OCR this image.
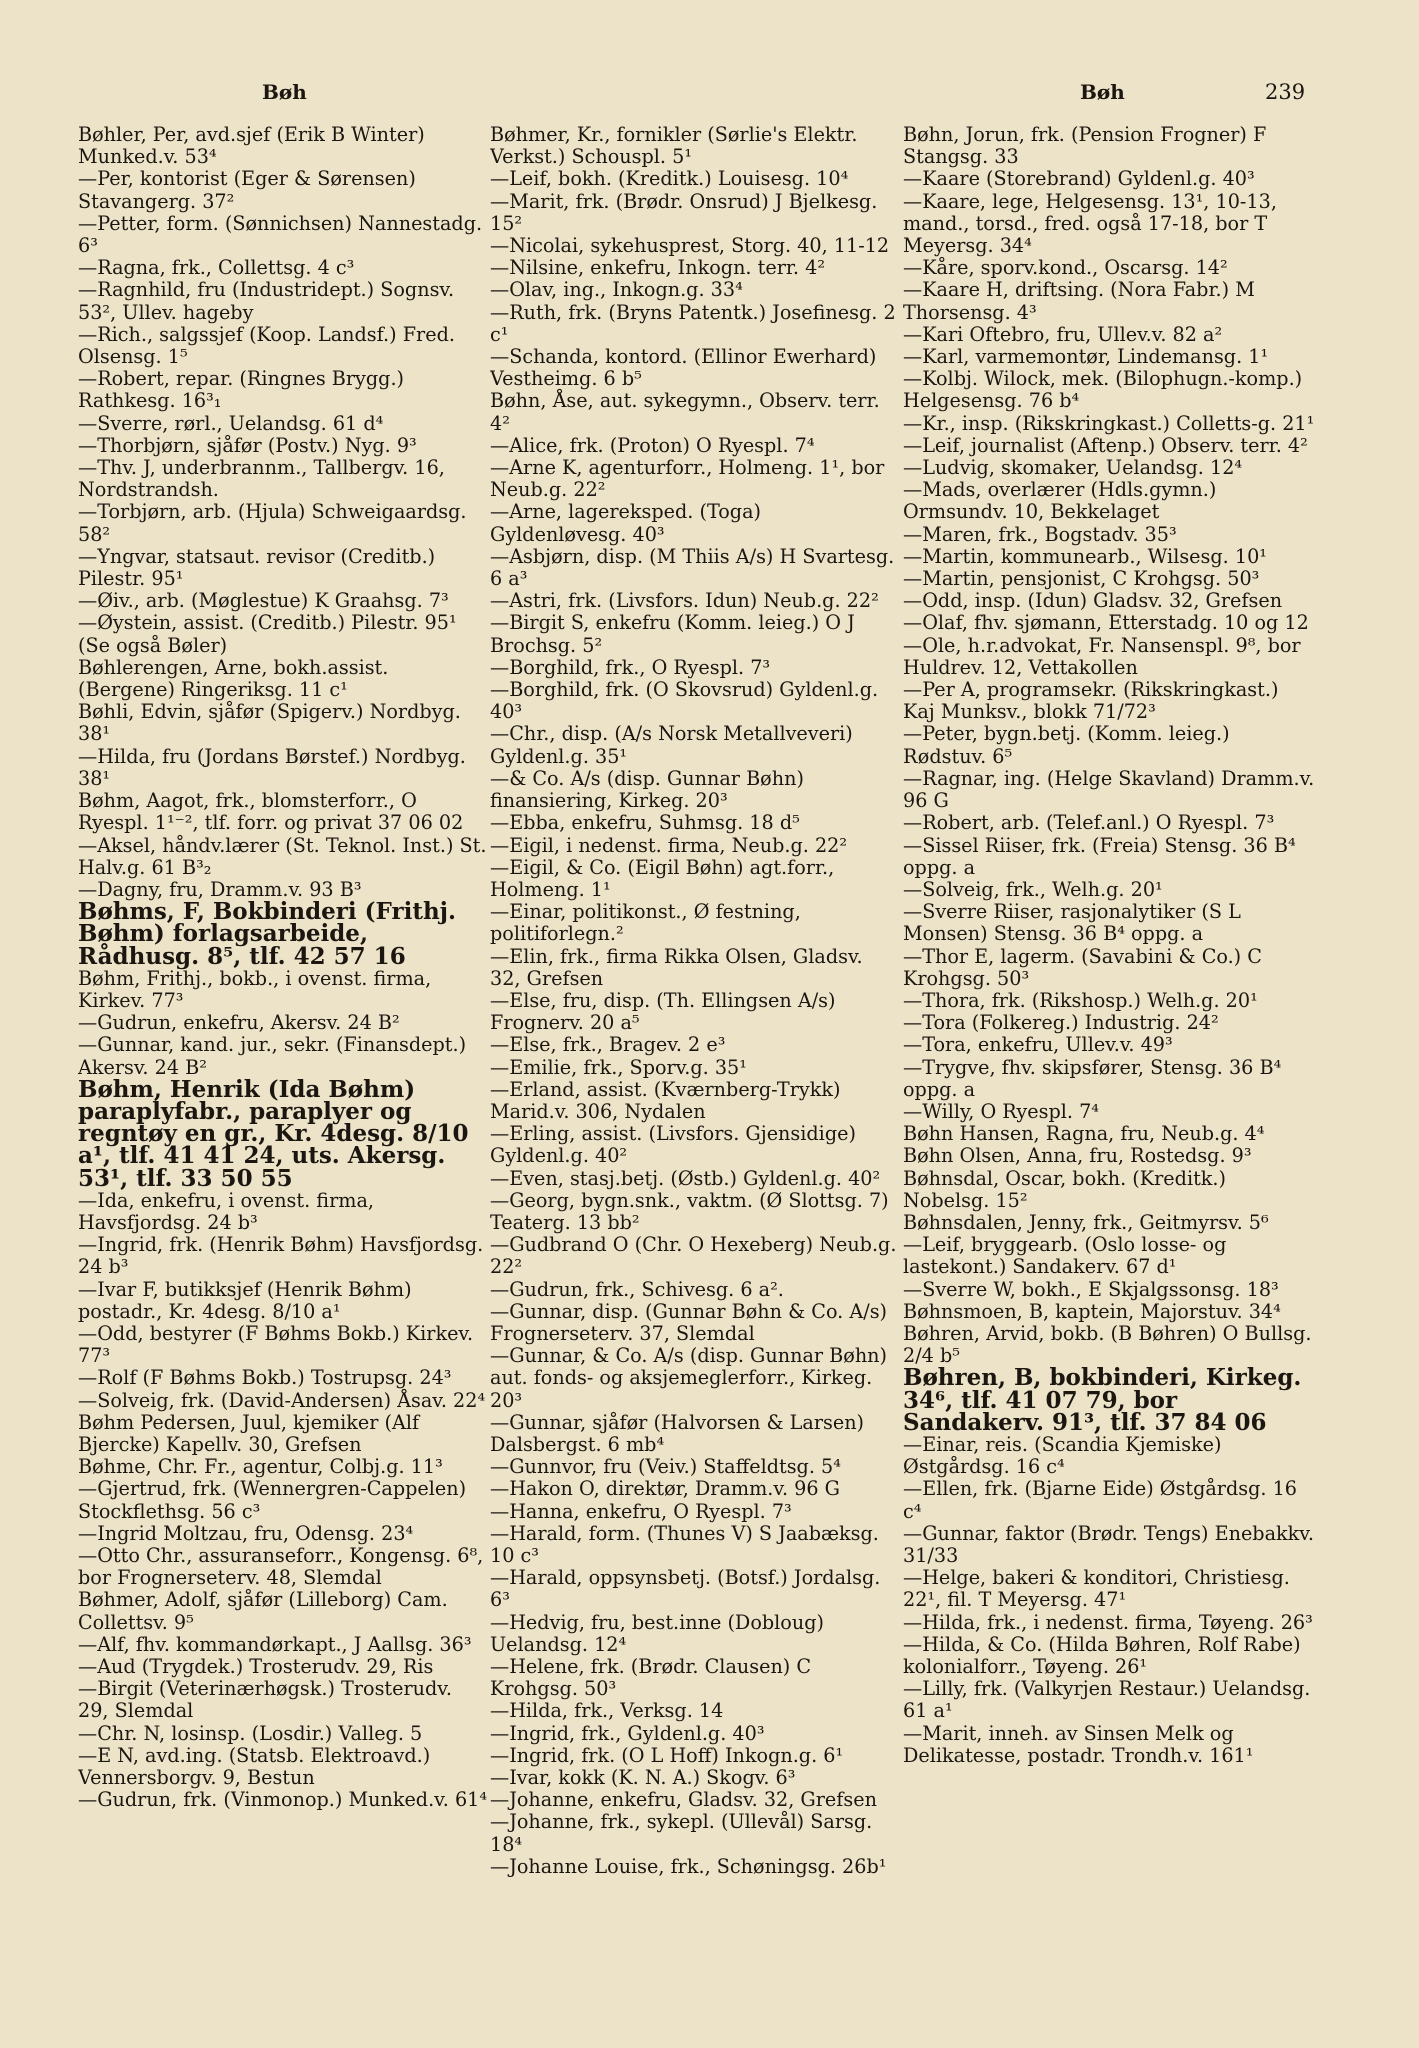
Bøh	Bøh	239
Bøhler, Per, avd.sjef (Erik B Winter) Munked.v. 53⁴
—Per, kontorist (Eger & Sørensen) Stavangerg. 37²
—Petter, form. (Sønnichsen) Nannestadg. 6³
—Ragna, frk., Collettsg. 4 c³
—Ragnhild, fru (Industridept.) Sognsv. 53², Ullev. hageby
—Rich., salgssjef (Koop. Landsf.) Fred. Olsensg. 1⁵
—Robert, repar. (Ringnes Brygg.) Rathkesg. 16³₁
—Sverre, rørl., Uelandsg. 61 d⁴
—Thorbjørn, sjåfør (Postv.) Nyg. 9³
—Thv. J, underbrannm., Tallbergv. 16, Nordstrandsh.
—Torbjørn, arb. (Hjula) Schweigaardsg. 58²
—Yngvar, statsaut. revisor (Creditb.) Pilestr. 95¹
—Øiv., arb. (Møglestue) K Graahsg. 7³
—Øystein, assist. (Creditb.) Pilestr. 95¹ (Se også Bøler)
Bøhlerengen, Arne, bokh.assist. (Bergene) Ringeriksg. 11 c¹
Bøhli, Edvin, sjåfør (Spigerv.) Nordbyg. 38¹
—Hilda, fru (Jordans Børstef.) Nordbyg. 38¹
Bøhm, Aagot, frk., blomsterforr., O Ryespl. 1¹⁻², tlf. forr. og privat 37 06 02
—Aksel, håndv.lærer (St. Teknol. Inst.) St. Halv.g. 61 B³₂
—Dagny, fru, Dramm.v. 93 B³
Bøhms, F, Bokbinderi (Frithj. Bøhm) forlagsarbeide, Rådhusg. 8⁵, tlf. 42 57 16
Bøhm, Frithj., bokb., i ovenst. firma, Kirkev. 77³
—Gudrun, enkefru, Akersv. 24 B²
—Gunnar, kand. jur., sekr. (Finansdept.) Akersv. 24 B²
Bøhm, Henrik (Ida Bøhm) paraplyfabr., paraplyer og regntøy en gr., Kr. 4desg. 8/10 a¹, tlf. 41 41 24, uts. Akersg. 53¹, tlf. 33 50 55
—Ida, enkefru, i ovenst. firma, Havsfjordsg. 24 b³
—Ingrid, frk. (Henrik Bøhm) Havsfjordsg. 24 b³
—Ivar F, butikksjef (Henrik Bøhm) postadr., Kr. 4desg. 8/10 a¹
—Odd, bestyrer (F Bøhms Bokb.) Kirkev. 77³
—Rolf (F Bøhms Bokb.) Tostrupsg. 24³
—Solveig, frk. (David-Andersen) Åsav. 22⁴
Bøhm Pedersen, Juul, kjemiker (Alf Bjercke) Kapellv. 30, Grefsen
Bøhme, Chr. Fr., agentur, Colbj.g. 11³
—Gjertrud, frk. (Wennergren-Cappelen) Stockflethsg. 56 c³
—Ingrid Moltzau, fru, Odensg. 23⁴
—Otto Chr., assuranseforr., Kongensg. 6⁸, bor Frognerseterv. 48, Slemdal
Bøhmer, Adolf, sjåfør (Lilleborg) Cam. Collettsv. 9⁵
—Alf, fhv. kommandørkapt., J Aallsg. 36³
—Aud (Trygdek.) Trosterudv. 29, Ris
—Birgit (Veterinærhøgsk.) Trosterudv. 29, Slemdal
—Chr. N, losinsp. (Losdir.) Valleg. 5
—E N, avd.ing. (Statsb. Elektroavd.) Vennersborgv. 9, Bestun
—Gudrun, frk. (Vinmonop.) Munked.v. 61⁴
Bøhmer, Kr., fornikler (Sørlie's Elektr. Verkst.) Schouspl. 5¹
—Leif, bokh. (Kreditk.) Louisesg. 10⁴
—Marit, frk. (Brødr. Onsrud) J Bjelkesg. 15²
—Nicolai, sykehusprest, Storg. 40, 11-12
—Nilsine, enkefru, Inkogn. terr. 4²
—Olav, ing., Inkogn.g. 33⁴
—Ruth, frk. (Bryns Patentk.) Josefinesg. 2 c¹
—Schanda, kontord. (Ellinor Ewerhard) Vestheimg. 6 b⁵
Bøhn, Åse, aut. sykegymn., Observ. terr. 4²
—Alice, frk. (Proton) O Ryespl. 7⁴
—Arne K, agenturforr., Holmeng. 1¹, bor Neub.g. 22²
—Arne, lagereksped. (Toga) Gyldenløvesg. 40³
—Asbjørn, disp. (M Thiis A/s) H Svartesg. 6 a³
—Astri, frk. (Livsfors. Idun) Neub.g. 22²
—Birgit S, enkefru (Komm. leieg.) O J Brochsg. 5²
—Borghild, frk., O Ryespl. 7³
—Borghild, frk. (O Skovsrud) Gyldenl.g. 40³
—Chr., disp. (A/s Norsk Metallveveri) Gyldenl.g. 35¹
—& Co. A/s (disp. Gunnar Bøhn) finansiering, Kirkeg. 20³
—Ebba, enkefru, Suhmsg. 18 d⁵
—Eigil, i nedenst. firma, Neub.g. 22²
—Eigil, & Co. (Eigil Bøhn) agt.forr., Holmeng. 1¹
—Einar, politikonst., Ø festning, politiforlegn.²
—Elin, frk., firma Rikka Olsen, Gladsv. 32, Grefsen
—Else, fru, disp. (Th. Ellingsen A/s) Frognerv. 20 a⁵
—Else, frk., Bragev. 2 e³
—Emilie, frk., Sporv.g. 35¹
—Erland, assist. (Kværnberg-Trykk) Marid.v. 306, Nydalen
—Erling, assist. (Livsfors. Gjensidige) Gyldenl.g. 40²
—Even, stasj.betj. (Østb.) Gyldenl.g. 40²
—Georg, bygn.snk., vaktm. (Ø Slottsg. 7) Teaterg. 13 bb²
—Gudbrand O (Chr. O Hexeberg) Neub.g. 22²
—Gudrun, frk., Schivesg. 6 a².
—Gunnar, disp. (Gunnar Bøhn & Co. A/s) Frognerseterv. 37, Slemdal
—Gunnar, & Co. A/s (disp. Gunnar Bøhn) aut. fonds- og aksjemeglerforr., Kirkeg. 20³
—Gunnar, sjåfør (Halvorsen & Larsen) Dalsbergst. 6 mb⁴
—Gunnvor, fru (Veiv.) Staffeldtsg. 5⁴
—Hakon O, direktør, Dramm.v. 96 G
—Hanna, enkefru, O Ryespl. 7³
—Harald, form. (Thunes V) S Jaabæksg. 10 c³
—Harald, oppsynsbetj. (Botsf.) Jordalsg. 6³
—Hedvig, fru, best.inne (Dobloug) Uelandsg. 12⁴
—Helene, frk. (Brødr. Clausen) C Krohgsg. 50³
—Hilda, frk., Verksg. 14
—Ingrid, frk., Gyldenl.g. 40³
—Ingrid, frk. (O L Hoff) Inkogn.g. 6¹
—Ivar, kokk (K. N. A.) Skogv. 6³
—Johanne, enkefru, Gladsv. 32, Grefsen
—Johanne, frk., sykepl. (Ullevål) Sarsg. 18⁴
—Johanne Louise, frk., Schøningsg. 26b¹
Bøhn, Jorun, frk. (Pension Frogner) F Stangsg. 33
—Kaare (Storebrand) Gyldenl.g. 40³
—Kaare, lege, Helgesensg. 13¹, 10-13, mand., torsd., fred. også 17-18, bor T Meyersg. 34⁴
—Kåre, sporv.kond., Oscarsg. 14²
—Kaare H, driftsing. (Nora Fabr.) M Thorsensg. 4³
—Kari Oftebro, fru, Ullev.v. 82 a²
—Karl, varmemontør, Lindemansg. 1¹
—Kolbj. Wilock, mek. (Bilophugn.-komp.) Helgesensg. 76 b⁴
—Kr., insp. (Rikskringkast.) Colletts-g. 21¹
—Leif, journalist (Aftenp.) Observ. terr. 4²
—Ludvig, skomaker, Uelandsg. 12⁴
—Mads, overlærer (Hdls.gymn.) Ormsundv. 10, Bekkelaget
—Maren, frk., Bogstadv. 35³
—Martin, kommunearb., Wilsesg. 10¹
—Martin, pensjonist, C Krohgsg. 50³
—Odd, insp. (Idun) Gladsv. 32, Grefsen
—Olaf, fhv. sjømann, Etterstadg. 10 og 12
—Ole, h.r.advokat, Fr. Nansenspl. 9⁸, bor Huldrev. 12, Vettakollen
—Per A, programsekr. (Rikskringkast.) Kaj Munksv., blokk 71/72³
—Peter, bygn.betj. (Komm. leieg.) Rødstuv. 6⁵
—Ragnar, ing. (Helge Skavland) Dramm.v. 96 G
—Robert, arb. (Telef.anl.) O Ryespl. 7³
—Sissel Riiser, frk. (Freia) Stensg. 36 B⁴ oppg. a
—Solveig, frk., Welh.g. 20¹
—Sverre Riiser, rasjonalytiker (S L Monsen) Stensg. 36 B⁴ oppg. a
—Thor E, lagerm. (Savabini & Co.) C Krohgsg. 50³
—Thora, frk. (Rikshosp.) Welh.g. 20¹
—Tora (Folkereg.) Industrig. 24²
—Tora, enkefru, Ullev.v. 49³
—Trygve, fhv. skipsfører, Stensg. 36 B⁴ oppg. a
—Willy, O Ryespl. 7⁴
Bøhn Hansen, Ragna, fru, Neub.g. 4⁴
Bøhn Olsen, Anna, fru, Rostedsg. 9³
Bøhnsdal, Oscar, bokh. (Kreditk.) Nobelsg. 15²
Bøhnsdalen, Jenny, frk., Geitmyrsv. 5⁶
—Leif, bryggearb. (Oslo losse- og lastekont.) Sandakerv. 67 d¹
—Sverre W, bokh., E Skjalgssonsg. 18³
Bøhnsmoen, B, kaptein, Majorstuv. 34⁴
Bøhren, Arvid, bokb. (B Bøhren) O Bullsg. 2/4 b⁵
Bøhren, B, bokbinderi, Kirkeg. 34⁶, tlf. 41 07 79, bor Sandakerv. 91³, tlf. 37 84 06
—Einar, reis. (Scandia Kjemiske) Østgårdsg. 16 c⁴
—Ellen, frk. (Bjarne Eide) Østgårdsg. 16 c⁴
—Gunnar, faktor (Brødr. Tengs) Enebakkv. 31/33
—Helge, bakeri & konditori, Christiesg. 22¹, fil. T Meyersg. 47¹
—Hilda, frk., i nedenst. firma, Tøyeng. 26³
—Hilda, & Co. (Hilda Bøhren, Rolf Rabe) kolonialforr., Tøyeng. 26¹
—Lilly, frk. (Valkyrjen Restaur.) Uelandsg. 61 a¹
—Marit, inneh. av Sinsen Melk og Delikatesse, postadr. Trondh.v. 161¹
